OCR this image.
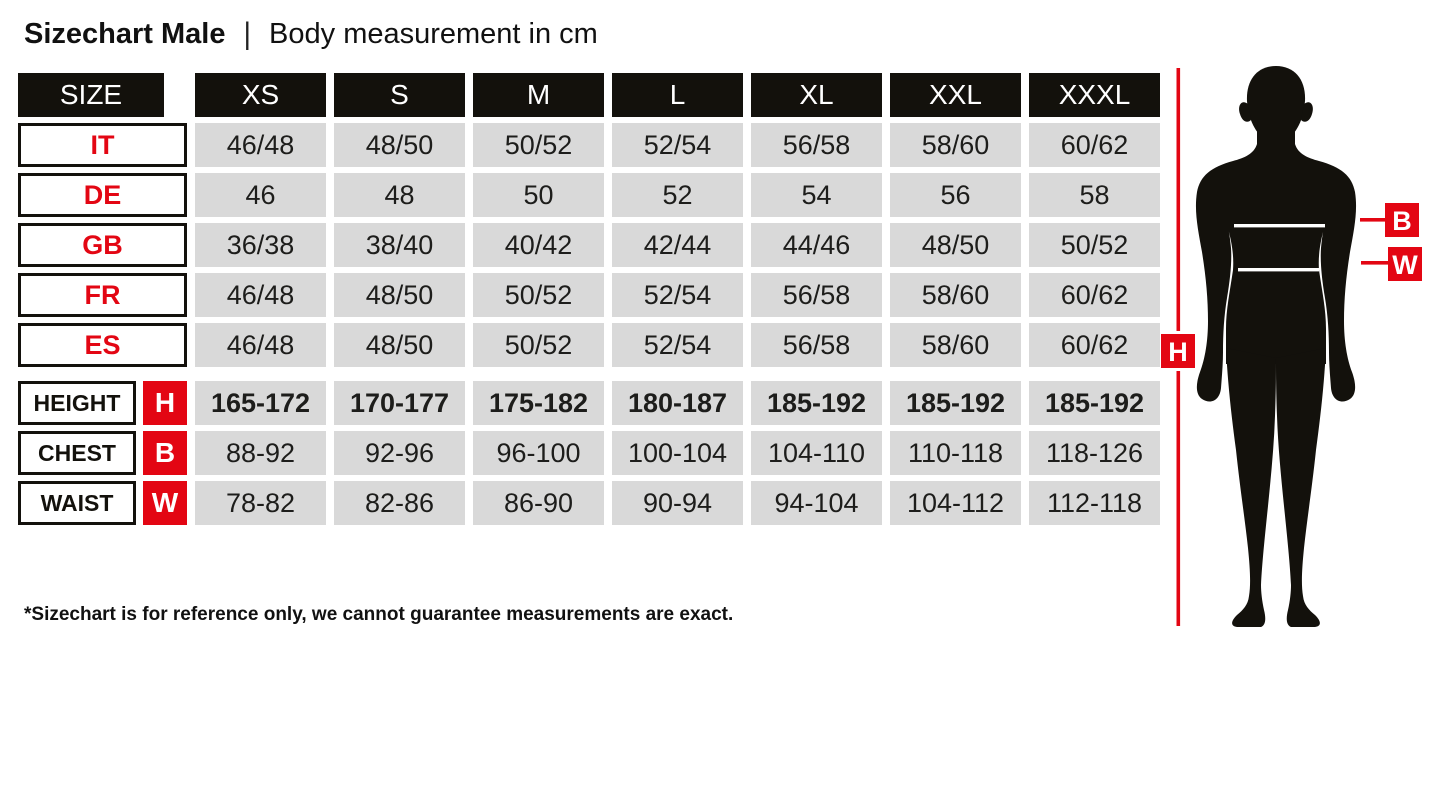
Sizechart Male | Body measurement in cm
SIZE	XS	S	M	L	XL	XXL	XXXL
IT	46/48	48/50	50/52	52/54	56/58	58/60	60/62
DE	46	48	50	52	54	56	58
GB	36/38	38/40	40/42	42/44	44/46	48/50	50/52
FR	46/48	48/50	50/52	52/54	56/58	58/60	60/62
ES	46/48	48/50	50/52	52/54	56/58	58/60	60/62
HEIGHT	H	165-172	170-177	175-182	180-187	185-192	185-192	185-192
CHEST	B	88-92	92-96	96-100	100-104	104-110	110-118	118-126
WAIST	W	78-82	82-86	86-90	90-94	94-104	104-112	112-118
*Sizechart is for reference only, we cannot guarantee measurements are exact.
H
B
W
